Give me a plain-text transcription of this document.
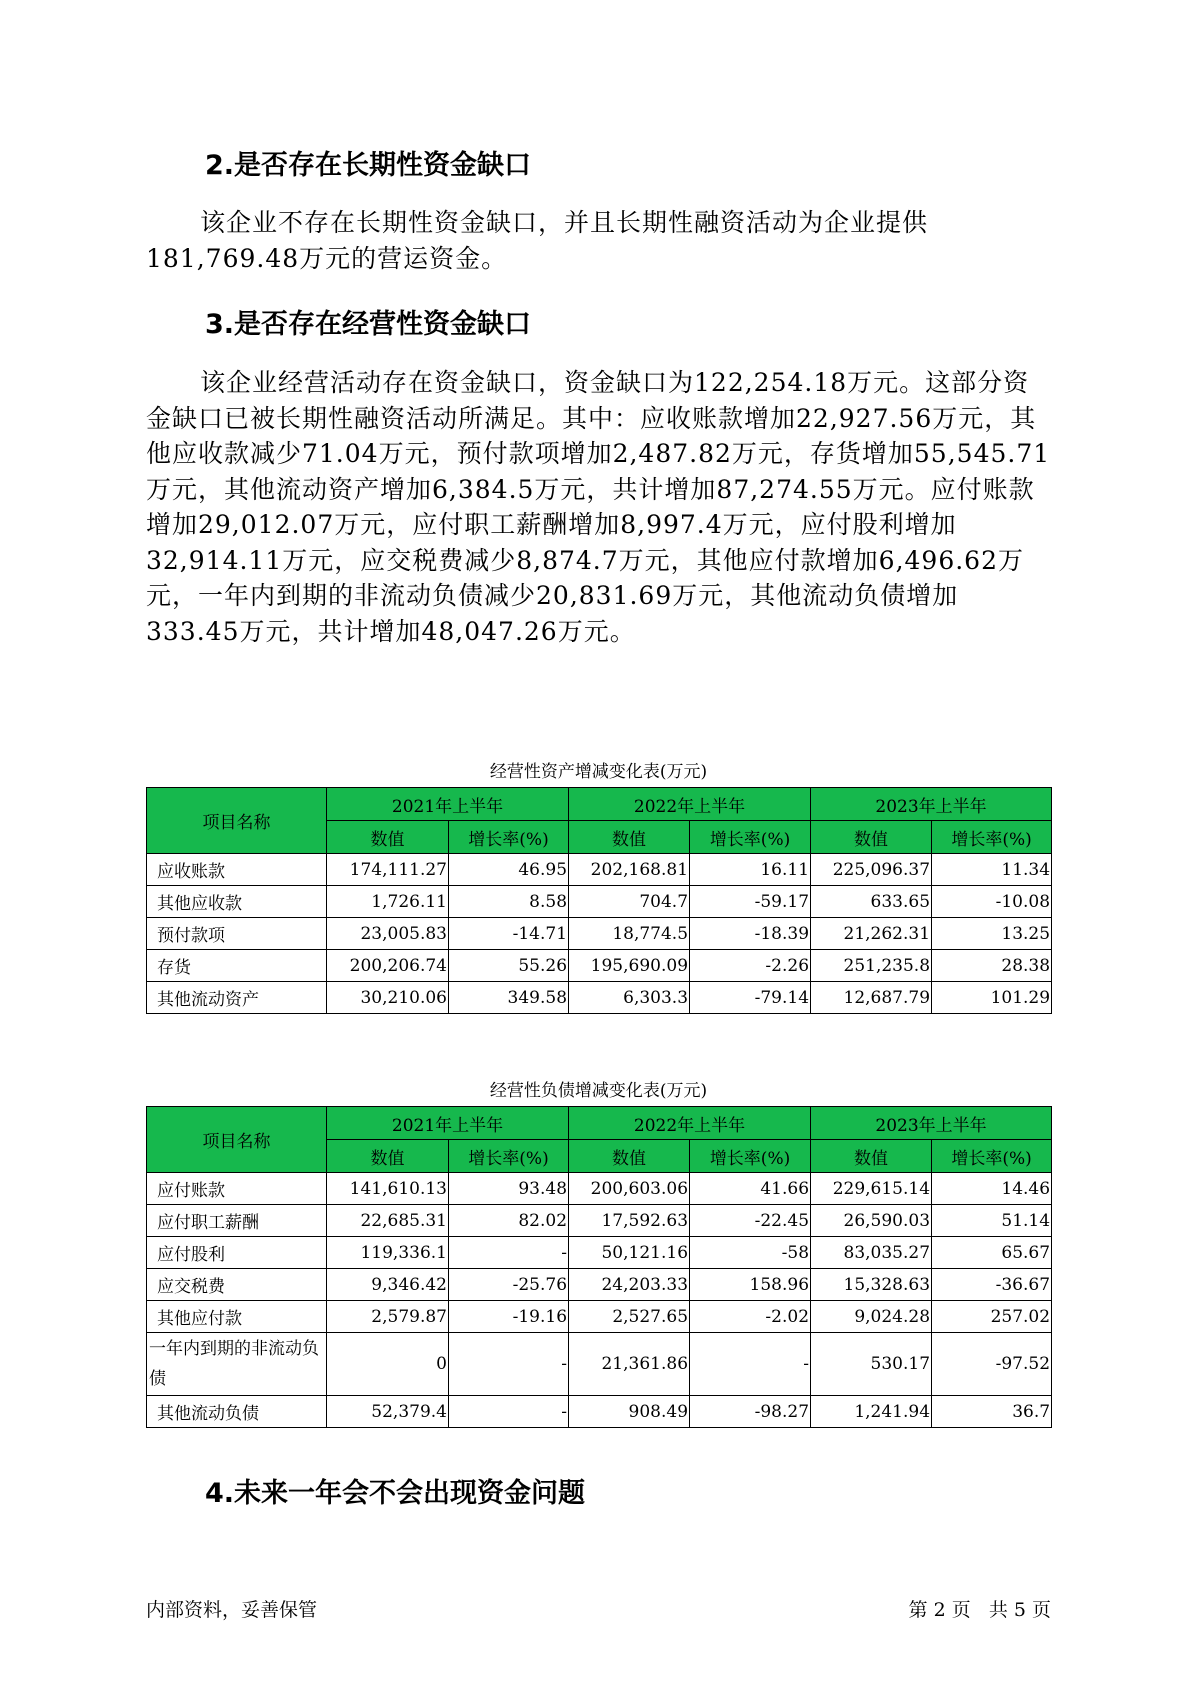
2.是否存在长期性资金缺口

该企业不存在长期性资金缺口，并且长期性融资活动为企业提供181,769.48万元的营运资金。

3.是否存在经营性资金缺口

该企业经营活动存在资金缺口，资金缺口为122,254.18万元。这部分资金缺口已被长期性融资活动所满足。其中：应收账款增加22,927.56万元，其他应收款减少71.04万元，预付款项增加2,487.82万元，存货增加55,545.71万元，其他流动资产增加6,384.5万元，共计增加87,274.55万元。应付账款增加29,012.07万元，应付职工薪酬增加8,997.4万元，应付股利增加32,914.11万元，应交税费减少8,874.7万元，其他应付款增加6,496.62万元，一年内到期的非流动负债减少20,831.69万元，其他流动负债增加333.45万元，共计增加48,047.26万元。

经营性资产增减变化表(万元)

项目名称	2021年上半年		2022年上半年		2023年上半年	
	数值	增长率(%)	数值	增长率(%)	数值	增长率(%)
应收账款	174,111.27	46.95	202,168.81	16.11	225,096.37	11.34
其他应收款	1,726.11	8.58	704.7	-59.17	633.65	-10.08
预付款项	23,005.83	-14.71	18,774.5	-18.39	21,262.31	13.25
存货	200,206.74	55.26	195,690.09	-2.26	251,235.8	28.38
其他流动资产	30,210.06	349.58	6,303.3	-79.14	12,687.79	101.29

经营性负债增减变化表(万元)

项目名称	2021年上半年		2022年上半年		2023年上半年	
	数值	增长率(%)	数值	增长率(%)	数值	增长率(%)
应付账款	141,610.13	93.48	200,603.06	41.66	229,615.14	14.46
应付职工薪酬	22,685.31	82.02	17,592.63	-22.45	26,590.03	51.14
应付股利	119,336.1	-	50,121.16	-58	83,035.27	65.67
应交税费	9,346.42	-25.76	24,203.33	158.96	15,328.63	-36.67
其他应付款	2,579.87	-19.16	2,527.65	-2.02	9,024.28	257.02
一年内到期的非流动负债	0	-	21,361.86	-	530.17	-97.52
其他流动负债	52,379.4	-	908.49	-98.27	1,241.94	36.7
4.未来一年会不会出现资金问题

内部资料，妥善保管	第 2 页   共 5 页
